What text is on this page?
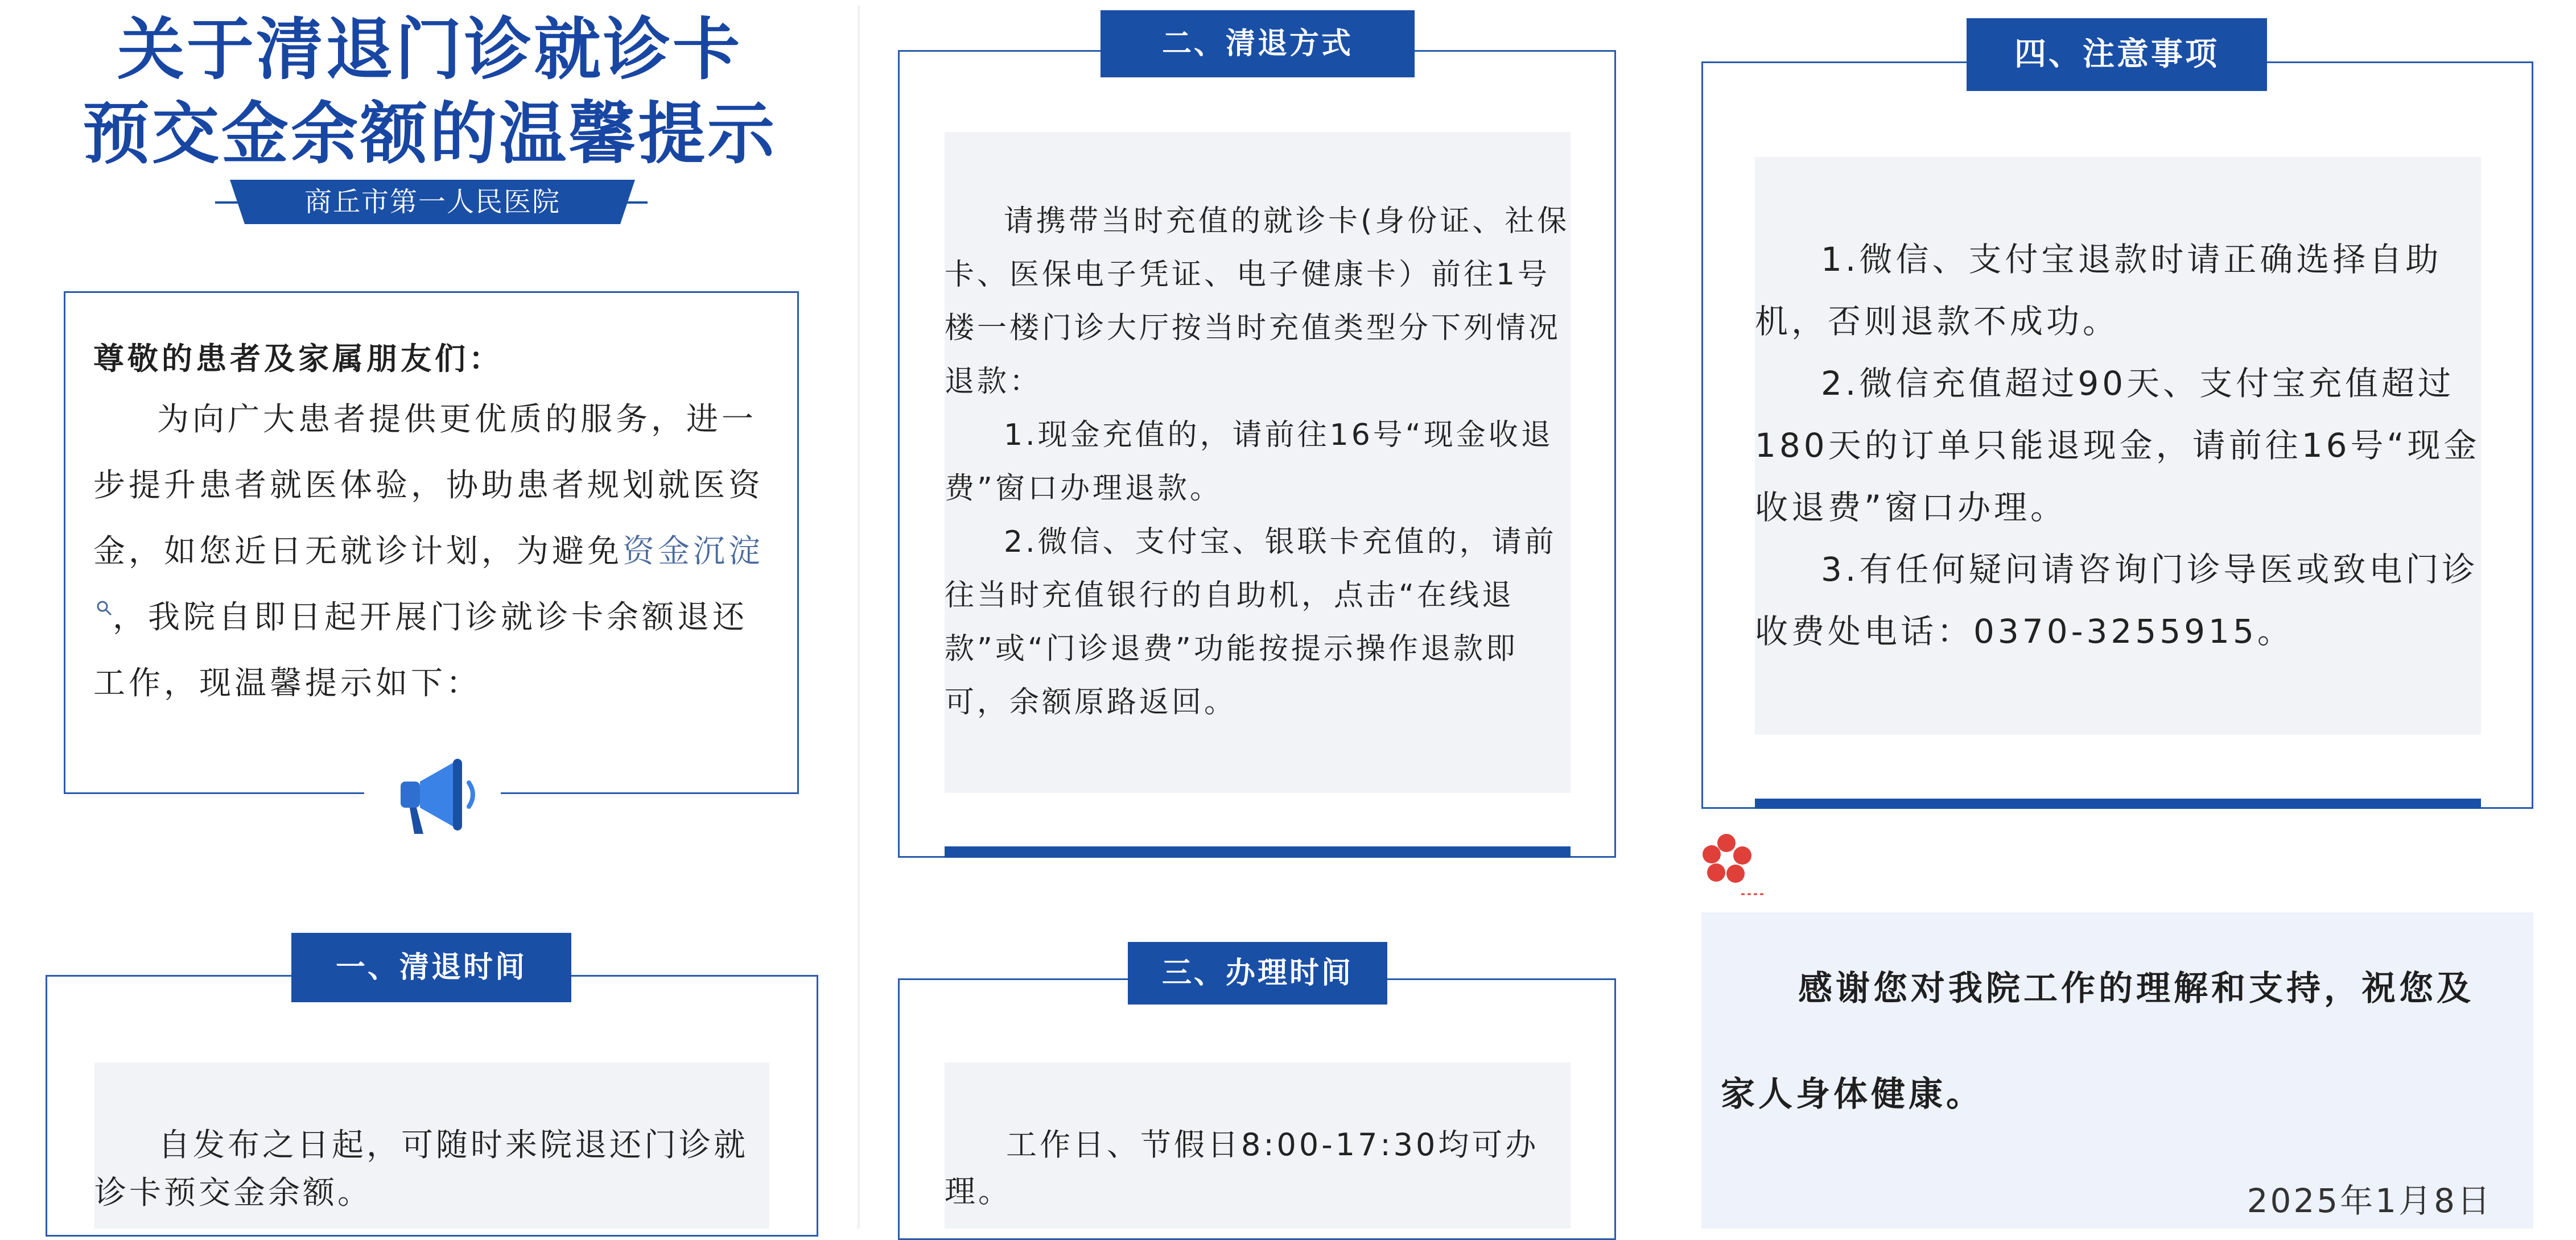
关于清退门诊就诊卡
预交金余额的温馨提示
商丘市第一人民医院
尊敬的患者及家属朋友们：
为向广大患者提供更优质的服务，进一步提升患者就医体验，协助患者规划就医资金，如您近日无就诊计划，为避免资金沉淀，我院自即日起开展门诊就诊卡余额退还工作，现温馨提示如下：
一、清退时间
自发布之日起，可随时来院退还门诊就诊卡预交金余额。
二、清退方式

请携带当时充值的就诊卡(身份证、社保卡、医保电子凭证、电子健康卡）前往1号楼一楼门诊大厅按当时充值类型分下列情况退款：

1.现金充值的，请前往16号“现金收退费”窗口办理退款。

2.微信、支付宝、银联卡充值的，请前往当时充值银行的自助机，点击“在线退款”或“门诊退费”功能按提示操作退款即可，余额原路返回。

三、办理时间
工作日、节假日8:00-17:30均可办理。
四、注意事项

1.微信、支付宝退款时请正确选择自助机，否则退款不成功。

2.微信充值超过90天、支付宝充值超过180天的订单只能退现金，请前往16号“现金收退费”窗口办理。

3.有任何疑问请咨询门诊导医或致电门诊收费处电话：0370-3255915。

感谢您对我院工作的理解和支持，祝您及
家人身体健康。
2025年1月8日
